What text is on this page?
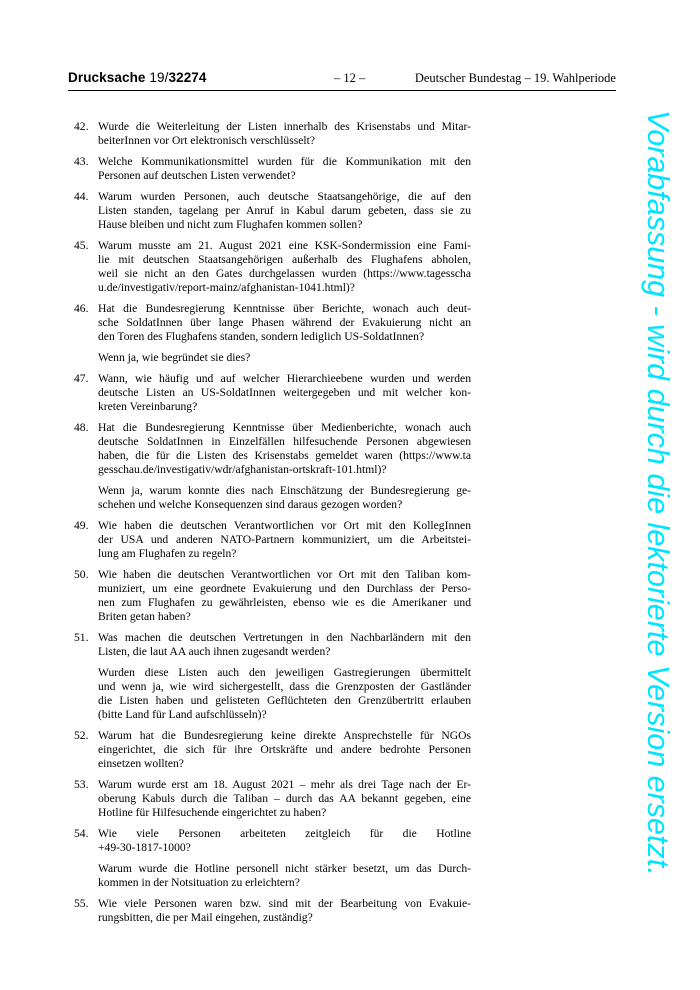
Drucksache 19/32274	– 12 –	Deutscher Bundestag – 19. Wahlperiode
42. Wurde die Weiterleitung der Listen innerhalb des Krisenstabs und Mitar-
beiterInnen vor Ort elektronisch verschlüsselt?

43. Welche Kommunikationsmittel wurden für die Kommunikation mit den
Personen auf deutschen Listen verwendet?

44. Warum wurden Personen, auch deutsche Staatsangehörige, die auf den
Listen standen, tagelang per Anruf in Kabul darum gebeten, dass sie zu
Hause bleiben und nicht zum Flughafen kommen sollen?

45. Warum musste am 21. August 2021 eine KSK-Sondermission eine Fami-
lie mit deutschen Staatsangehörigen außerhalb des Flughafens abholen,
weil sie nicht an den Gates durchgelassen wurden (https://www.tagesscha
u.de/investigativ/report-mainz/afghanistan-1041.html)?

46. Hat die Bundesregierung Kenntnisse über Berichte, wonach auch deut-
sche SoldatInnen über lange Phasen während der Evakuierung nicht an
den Toren des Flughafens standen, sondern lediglich US-SoldatInnen?

Wenn ja, wie begründet sie dies?

47. Wann, wie häufig und auf welcher Hierarchieebene wurden und werden
deutsche Listen an US-SoldatInnen weitergegeben und mit welcher kon-
kreten Vereinbarung?

48. Hat die Bundesregierung Kenntnisse über Medienberichte, wonach auch
deutsche SoldatInnen in Einzelfällen hilfesuchende Personen abgewiesen
haben, die für die Listen des Krisenstabs gemeldet waren (https://www.ta
gesschau.de/investigativ/wdr/afghanistan-ortskraft-101.html)?

Wenn ja, warum konnte dies nach Einschätzung der Bundesregierung ge-
schehen und welche Konsequenzen sind daraus gezogen worden?

49. Wie haben die deutschen Verantwortlichen vor Ort mit den KollegInnen
der USA und anderen NATO-Partnern kommuniziert, um die Arbeitstei-
lung am Flughafen zu regeln?

50. Wie haben die deutschen Verantwortlichen vor Ort mit den Taliban kom-
muniziert, um eine geordnete Evakuierung und den Durchlass der Perso-
nen zum Flughafen zu gewährleisten, ebenso wie es die Amerikaner und
Briten getan haben?

51. Was machen die deutschen Vertretungen in den Nachbarländern mit den
Listen, die laut AA auch ihnen zugesandt werden?

Wurden diese Listen auch den jeweiligen Gastregierungen übermittelt
und wenn ja, wie wird sichergestellt, dass die Grenzposten der Gastländer
die Listen haben und gelisteten Geflüchteten den Grenzübertritt erlauben
(bitte Land für Land aufschlüsseln)?

52. Warum hat die Bundesregierung keine direkte Ansprechstelle für NGOs
eingerichtet, die sich für ihre Ortskräfte und andere bedrohte Personen
einsetzen wollten?

53. Warum wurde erst am 18. August 2021 – mehr als drei Tage nach der Er-
oberung Kabuls durch die Taliban – durch das AA bekannt gegeben, eine
Hotline für Hilfesuchende eingerichtet zu haben?

54. Wie viele Personen arbeiteten zeitgleich für die Hotline
+49-30-1817-1000?

Warum wurde die Hotline personell nicht stärker besetzt, um das Durch-
kommen in der Notsituation zu erleichtern?

55. Wie viele Personen waren bzw. sind mit der Bearbeitung von Evakuie-
rungsbitten, die per Mail eingehen, zuständig?

Vorabfassung - wird durch die lektorierte Version ersetzt.
